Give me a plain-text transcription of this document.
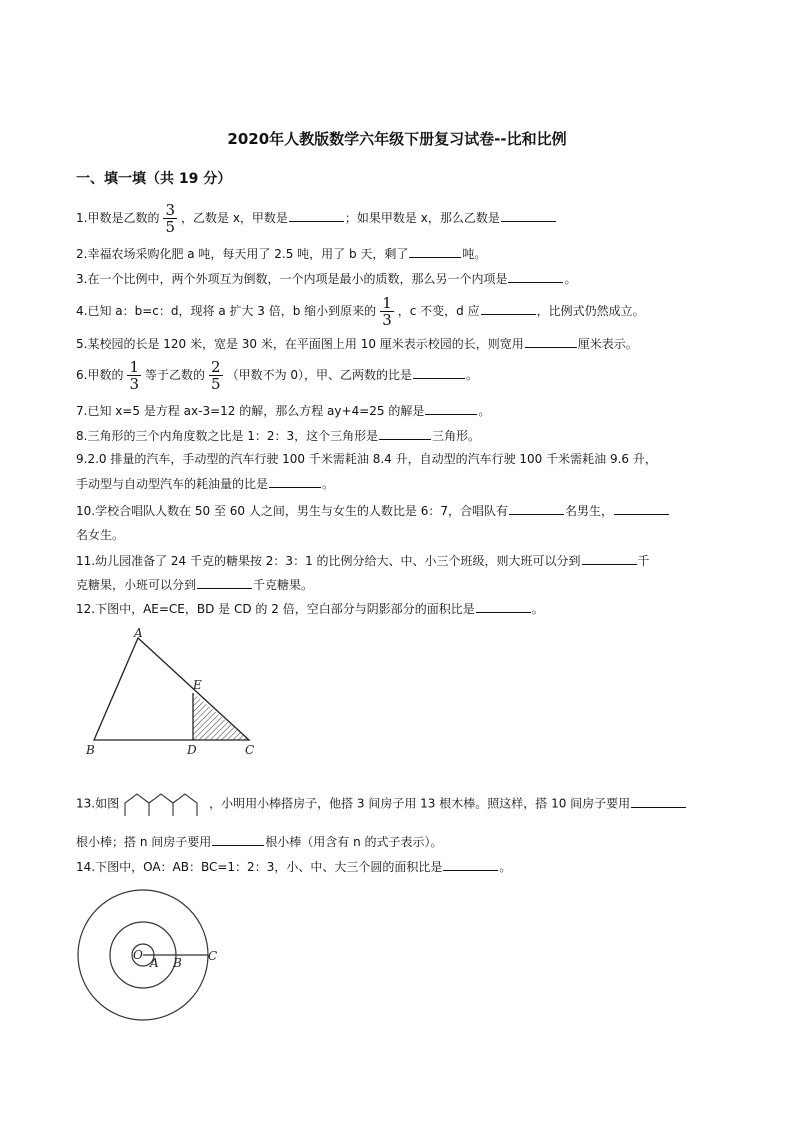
2020年人教版数学六年级下册复习试卷--比和比例
一、填一填（共 19 分）
1.甲数是乙数的 $\frac{3}{5}$ ，乙数是 x，甲数是	；如果甲数是 x，那么乙数是
2.幸福农场采购化肥 a 吨，每天用了 2.5 吨，用了 b 天，剩了	吨。
3.在一个比例中，两个外项互为倒数，一个内项是最小的质数，那么另一个内项是	。
4.已知 a：b=c：d，现将 a 扩大 3 倍，b 缩小到原来的 $\frac{1}{3}$ ，c 不变，d 应	，比例式仍然成立。
5.某校园的长是 120 米，宽是 30 米，在平面图上用 10 厘米表示校园的长，则宽用	厘米表示。
6.甲数的 $\frac{1}{3}$ 等于乙数的 $\frac{2}{5}$ （甲数不为 0），甲、乙两数的比是	。
7.已知 x=5 是方程 ax-3=12 的解，那么方程 ay+4=25 的解是	。
8.三角形的三个内角度数之比是 1：2：3，这个三角形是	三角形。
9.2.0 排量的汽车，手动型的汽车行驶 100 千米需耗油 8.4 升，自动型的汽车行驶 100 千米需耗油 9.6 升，
手动型与自动型汽车的耗油量的比是	。
10.学校合唱队人数在 50 至 60 人之间，男生与女生的人数比是 6：7，合唱队有	名男生，
名女生。
11.幼儿园准备了 24 千克的糖果按 2：3：1 的比例分给大、中、小三个班级，则大班可以分到	千
克糖果，小班可以分到	千克糖果。
12.下图中，AE=CE，BD 是 CD 的 2 倍，空白部分与阴影部分的面积比是	。
A
E
B	D	C
13.如图	，小明用小棒搭房子，他搭 3 间房子用 13 根木棒。照这样，搭 10 间房子要用
根小棒；搭 n 间房子要用	根小棒（用含有 n 的式子表示）。
14.下图中，OA：AB：BC=1：2：3，小、中、大三个圆的面积比是	。
O
A B C
